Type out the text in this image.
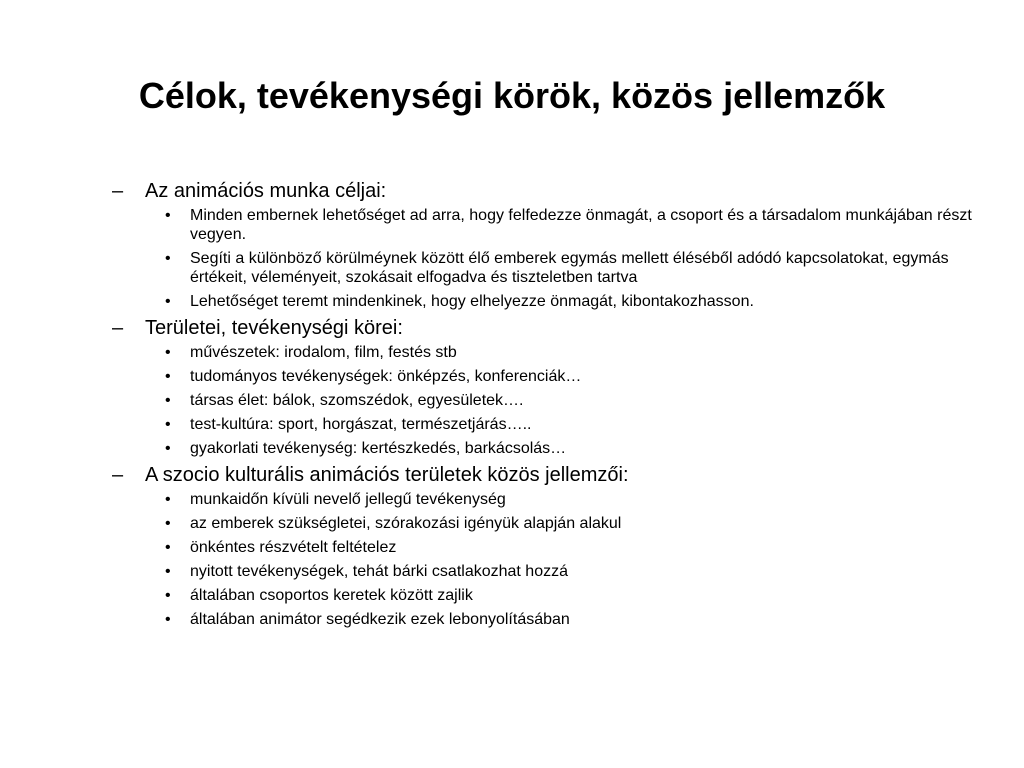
Célok, tevékenységi körök, közös jellemzők
–	Az animációs munka céljai:
•	Minden embernek lehetőséget ad arra, hogy felfedezze önmagát, a csoport és a társadalom munkájában részt vegyen.
•	Segíti a különböző körülméynek között élő emberek egymás mellett éléséből adódó kapcsolatokat, egymás értékeit, véleményeit, szokásait elfogadva és tiszteletben tartva
•	Lehetőséget teremt mindenkinek, hogy elhelyezze önmagát, kibontakozhasson.
–	Területei, tevékenységi körei:
•	művészetek: irodalom, film, festés stb
•	tudományos tevékenységek: önképzés, konferenciák…
•	társas élet: bálok, szomszédok, egyesületek….
•	test-kultúra: sport, horgászat, természetjárás…..
•	gyakorlati tevékenység: kertészkedés, barkácsolás…
–	A szocio kulturális animációs területek közös jellemzői:
•	munkaidőn kívüli nevelő jellegű tevékenység
•	az emberek szükségletei, szórakozási igényük alapján alakul
•	önkéntes részvételt feltételez
•	nyitott tevékenységek, tehát bárki csatlakozhat hozzá
•	általában csoportos keretek között zajlik
•	általában animátor segédkezik ezek lebonyolításában
